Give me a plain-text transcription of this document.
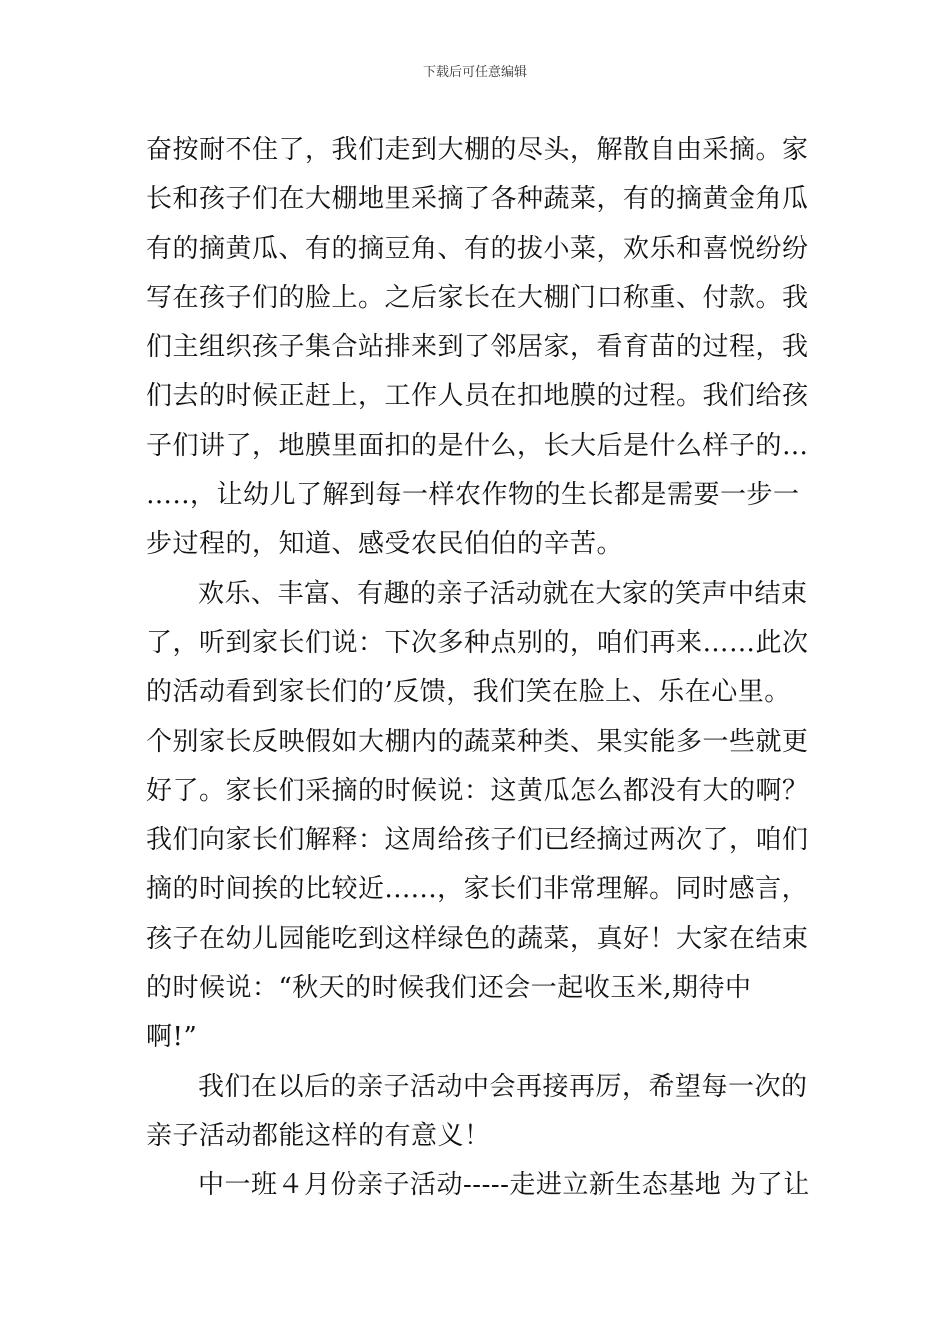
下载后可任意编辑
奋按耐不住了，我们走到大棚的尽头，解散自由采摘。家
长和孩子们在大棚地里采摘了各种蔬菜，有的摘黄金角瓜
有的摘黄瓜、有的摘豆角、有的拔小菜，欢乐和喜悦纷纷
写在孩子们的脸上。之后家长在大棚门口称重、付款。我
们主组织孩子集合站排来到了邻居家，看育苗的过程，我
们去的时候正赶上，工作人员在扣地膜的过程。我们给孩
子们讲了，地膜里面扣的是什么，长大后是什么样子的…
…..，让幼儿了解到每一样农作物的生长都是需要一步一
步过程的，知道、感受农民伯伯的辛苦。
欢乐、丰富、有趣的亲子活动就在大家的笑声中结束
了，听到家长们说：下次多种点别的，咱们再来……此次
的活动看到家长们的’反馈，我们笑在脸上、乐在心里。
个别家长反映假如大棚内的蔬菜种类、果实能多一些就更
好了。家长们采摘的时候说：这黄瓜怎么都没有大的啊？
我们向家长们解释：这周给孩子们已经摘过两次了，咱们
摘的时间挨的比较近......，家长们非常理解。同时感言，
孩子在幼儿园能吃到这样绿色的蔬菜，真好！大家在结束
的时候说：“秋天的时候我们还会一起收玉米,期待中
啊!”
我们在以后的亲子活动中会再接再厉，希望每一次的
亲子活动都能这样的有意义！
中一班４月份亲子活动-----走进立新生态基地 为了让
